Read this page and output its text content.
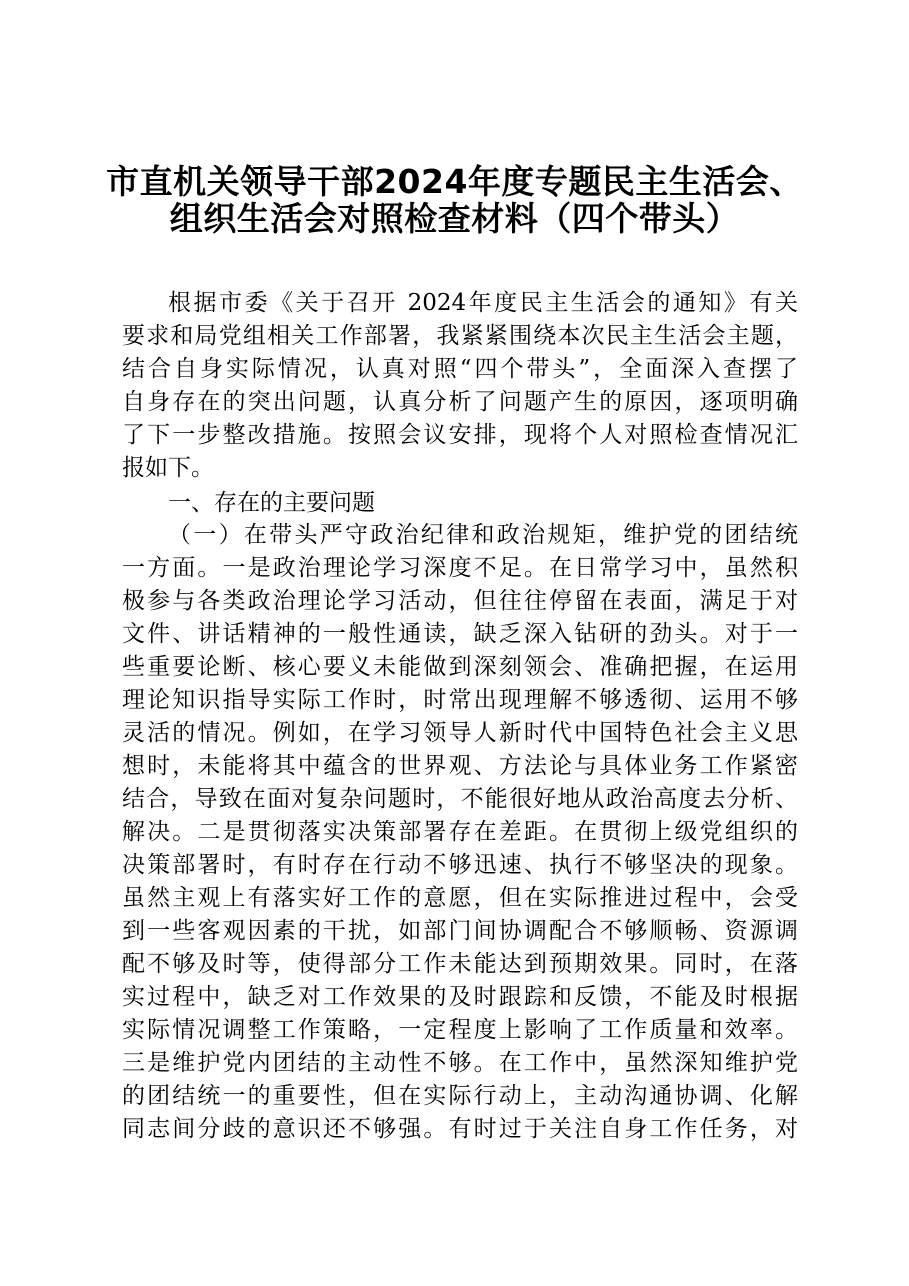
市直机关领导干部2024年度专题民主生活会、
组织生活会对照检查材料（四个带头）
根据市委《关于召开 2024年度民主生活会的通知》有关
要求和局党组相关工作部署，我紧紧围绕本次民主生活会主题，
结合自身实际情况，认真对照“四个带头”，全面深入查摆了
自身存在的突出问题，认真分析了问题产生的原因，逐项明确
了下一步整改措施。按照会议安排，现将个人对照检查情况汇
报如下。
一、存在的主要问题
（一）在带头严守政治纪律和政治规矩，维护党的团结统
一方面。一是政治理论学习深度不足。在日常学习中，虽然积
极参与各类政治理论学习活动，但往往停留在表面，满足于对
文件、讲话精神的一般性通读，缺乏深入钻研的劲头。对于一
些重要论断、核心要义未能做到深刻领会、准确把握，在运用
理论知识指导实际工作时，时常出现理解不够透彻、运用不够
灵活的情况。例如，在学习领导人新时代中国特色社会主义思
想时，未能将其中蕴含的世界观、方法论与具体业务工作紧密
结合，导致在面对复杂问题时，不能很好地从政治高度去分析、
解决。二是贯彻落实决策部署存在差距。在贯彻上级党组织的
决策部署时，有时存在行动不够迅速、执行不够坚决的现象。
虽然主观上有落实好工作的意愿，但在实际推进过程中，会受
到一些客观因素的干扰，如部门间协调配合不够顺畅、资源调
配不够及时等，使得部分工作未能达到预期效果。同时，在落
实过程中，缺乏对工作效果的及时跟踪和反馈，不能及时根据
实际情况调整工作策略，一定程度上影响了工作质量和效率。
三是维护党内团结的主动性不够。在工作中，虽然深知维护党
的团结统一的重要性，但在实际行动上，主动沟通协调、化解
同志间分歧的意识还不够强。有时过于关注自身工作任务，对
